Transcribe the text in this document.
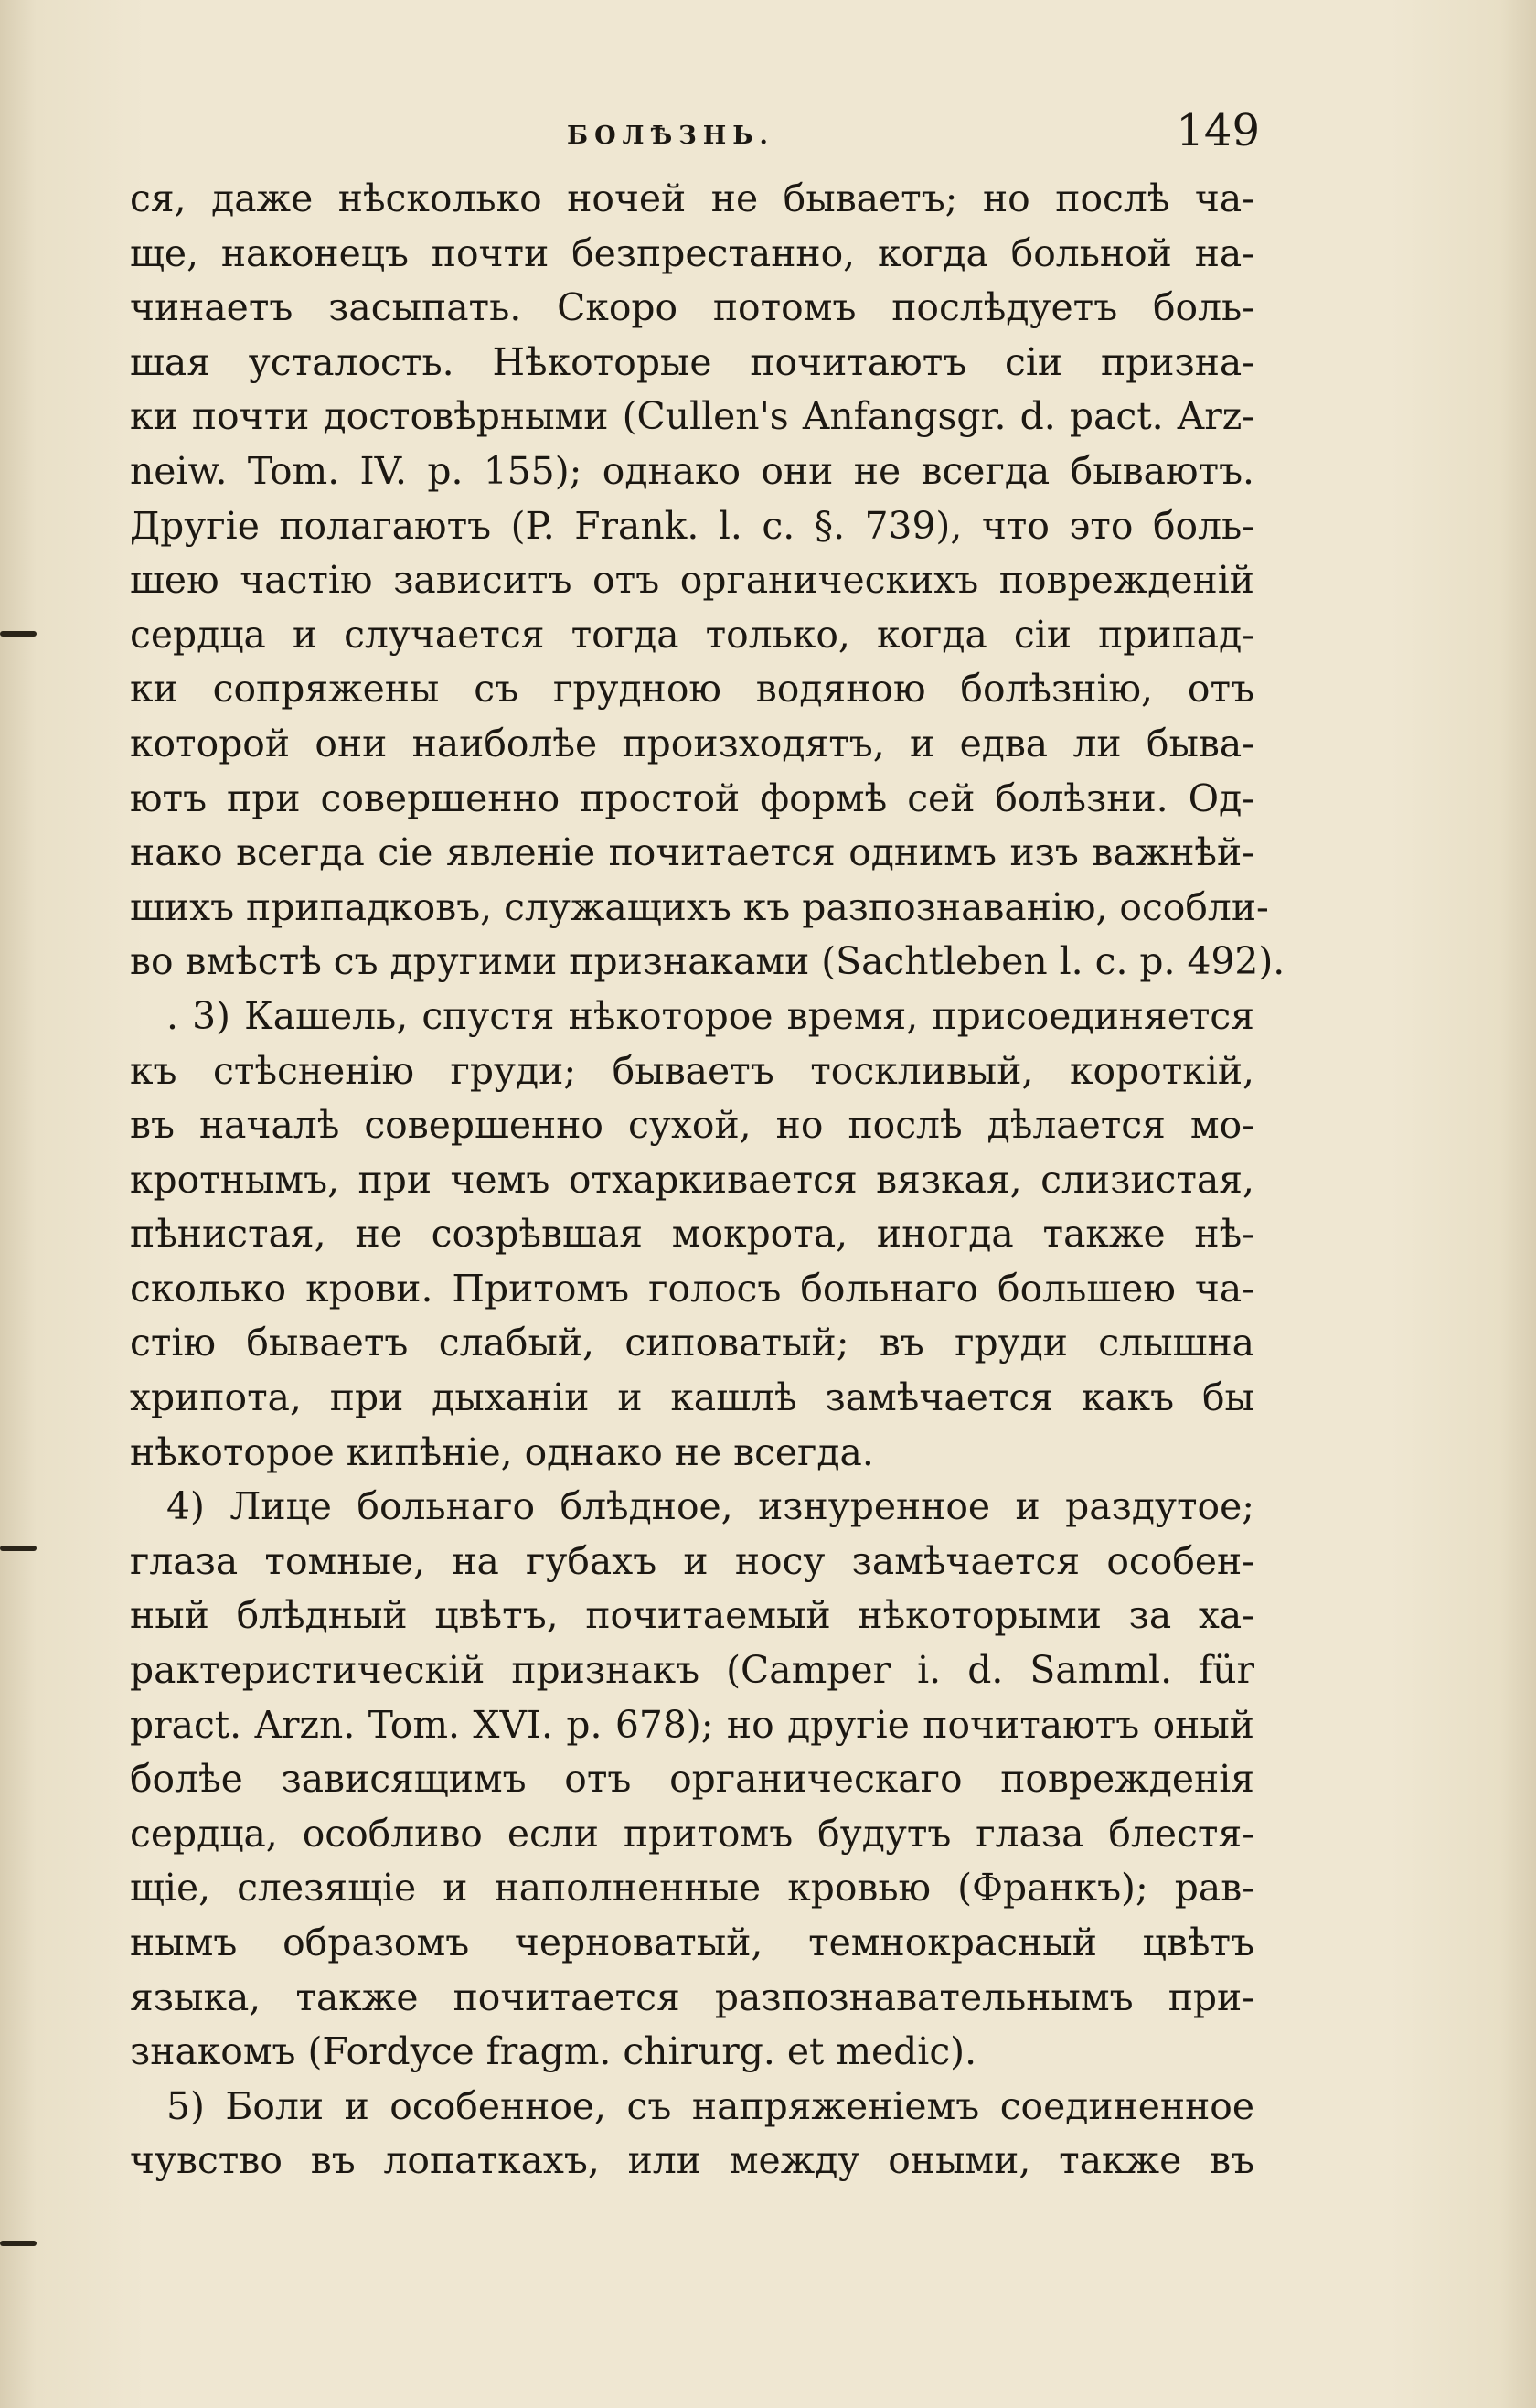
БОЛѢЗНЬ.	149
ся, даже нѣсколько ночей не бываетъ; но послѣ ча-
ще, наконецъ почти безпрестанно, когда больной на-
чинаетъ засыпать. Скоро потомъ послѣдуетъ боль-
шая усталость. Нѣкоторые почитаютъ сіи призна-
ки почти достовѣрными (Cullen's Anfangsgr. d. pact. Arz-
neiw. Tom. IV. p. 155); однако они не всегда бываютъ.
Другіе полагаютъ (P. Frank. l. c. §. 739), что это боль-
шею частію зависитъ отъ органическихъ поврежденій
сердца и случается тогда только, когда сіи припад-
ки сопряжены съ грудною водяною болѣзнію, отъ
которой они наиболѣе произходятъ, и едва ли быва-
ютъ при совершенно простой формѣ сей болѣзни. Од-
нако всегда сіе явленіе почитается однимъ изъ важнѣй-
шихъ припадковъ, служащихъ къ разпознаванію, особли-
во вмѣстѣ съ другими признаками (Sachtleben l. c. p. 492).
. 3) Кашель, спустя нѣкоторое время, присоединяется
къ стѣсненію груди; бываетъ тоскливый, короткій,
въ началѣ совершенно сухой, но послѣ дѣлается мо-
кротнымъ, при чемъ отхаркивается вязкая, слизистая,
пѣнистая, не созрѣвшая мокрота, иногда также нѣ-
сколько крови. Притомъ голосъ больнаго большею ча-
стію бываетъ слабый, сиповатый; въ груди слышна
хрипота, при дыханіи и кашлѣ замѣчается какъ бы
нѣкоторое кипѣніе, однако не всегда.
4) Лице больнаго блѣдное, изнуренное и раздутое;
глаза томные, на губахъ и носу замѣчается особен-
ный блѣдный цвѣтъ, почитаемый нѣкоторыми за ха-
рактеристическій признакъ (Camper i. d. Samml. für
pract. Arzn. Tom. XVI. p. 678); но другіе почитаютъ оный
болѣе зависящимъ отъ органическаго поврежденія
сердца, особливо если притомъ будутъ глаза блестя-
щіе, слезящіе и наполненные кровью (Франкъ); рав-
нымъ образомъ черноватый, темнокрасный цвѣтъ
языка, также почитается разпознавательнымъ при-
знакомъ (Fordyce fragm. chirurg. et medic).
5) Боли и особенное, съ напряженіемъ соединенное
чувство въ лопаткахъ, или между оными, также въ
